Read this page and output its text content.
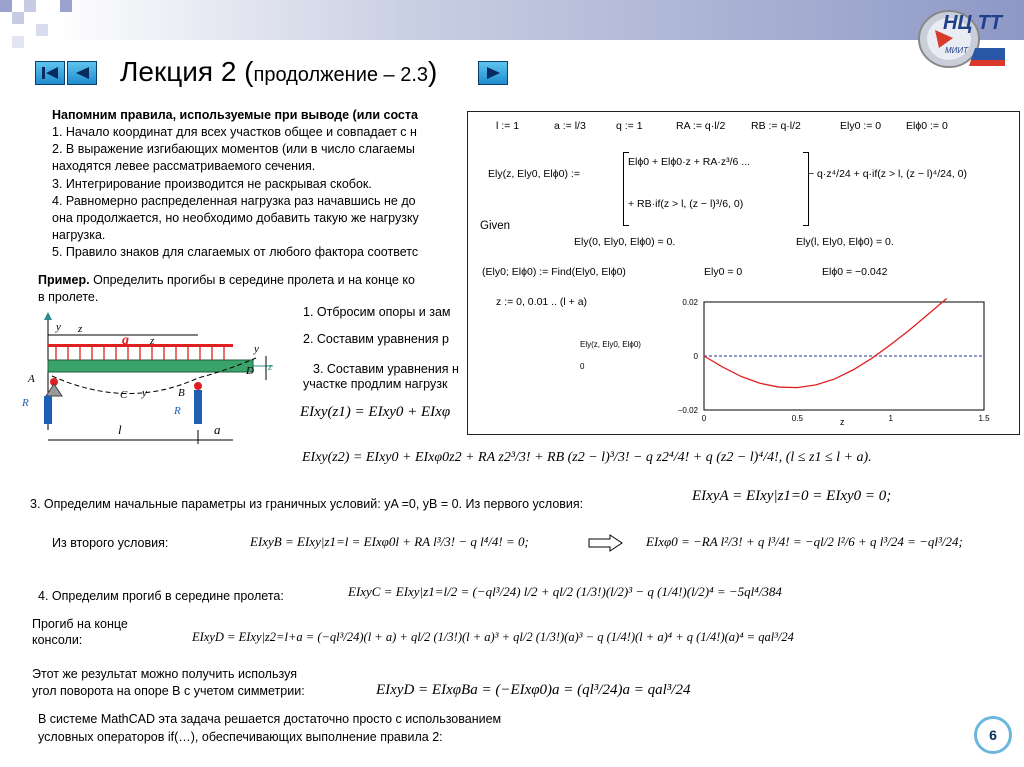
НЦ ТТ
МИИТ
Лекция 2 (продолжение – 2.3)
Напомним правила, используемые при выводе (или соста
1. Начало координат для всех участков общее и совпадает с н
2. В выражение изгибающих моментов (или в число слагаемы
находятся левее рассматриваемого сечения.
3. Интегрирование производится не раскрывая скобок.
4. Равномерно распределенная нагрузка раз начавшись не до
она продолжается, но необходимо добавить такую же нагрузку
нагрузка.
5. Правило знаков для слагаемых от любого фактора соответс
Пример. Определить прогибы в середине пролета и на конце ко
в пролете.
1. Отбросим опоры и зам
2. Составим уравнения р
3. Составим уравнения н
участке продлим нагрузк
y z
q z
y
z
A
D
C y	B
R
R
l	a
l := 1	a := l/3	q := 1	RA := q·l/2 RB := q·l/2	Ely0 := 0 Elϕ0 := 0
Ely(z, Ely0, Elϕ0) :=
Elϕ0 + Elϕ0·z + RA·z³/6 ...
+ RB·if(z > l, (z − l)³/6, 0)
− q·z⁴/24 + q·if(z > l, (z − l)⁴/24, 0)
Given
Ely(0, Ely0, Elϕ0) = 0.	Ely(l, Ely0, Elϕ0) = 0.
(Ely0; Elϕ0) := Find(Ely0, Elϕ0)	Ely0 = 0	Elϕ0 = −0.042
z := 0, 0.01 .. (l + a)
Ely(z, Ely0, Elϕ0)
0
z
0.02
0
−0.02
0	0.5	1	1.5
EIxy(z1) = EIxy0 + EIxφ
EIxy(z2) = EIxy0 + EIxφ0z2 + RA z2³/3! + RB (z2 − l)³/3! − q z2⁴/4! + q (z2 − l)⁴/4!, (l ≤ z1 ≤ l + a).
3. Определим начальные параметры из граничных условий: yA =0, yB = 0. Из первого условия:	EIxyA = EIxy|z1=0 = EIxy0 = 0;
Из второго условия:	EIxyB = EIxy|z1=l = EIxφ0l + RA l³/3! − q l⁴/4! = 0;	EIxφ0 = −RA l²/3! + q l³/4! = −ql/2 l²/6 + q l³/24 = −ql³/24;
4. Определим прогиб в середине пролета:	EIxyC = EIxy|z1=l/2 = (−ql³/24) l/2 + ql/2 (1/3!)(l/2)³ − q (1/4!)(l/2)⁴ = −5ql⁴/384
Прогиб на конце
консоли:	EIxyD = EIxy|z2=l+a = (−ql³/24)(l + a) + ql/2 (1/3!)(l + a)³ + ql/2 (1/3!)(a)³ − q (1/4!)(l + a)⁴ + q (1/4!)(a)⁴ = qal³/24
Этот же результат можно получить используя
угол поворота на опоре B с учетом симметрии:	EIxyD = EIxφBa = (−EIxφ0)a = (ql³/24)a = qal³/24
В системе MathCAD эта задача решается достаточно просто с использованием
условных операторов if(…), обеспечивающих выполнение правила 2:	6
